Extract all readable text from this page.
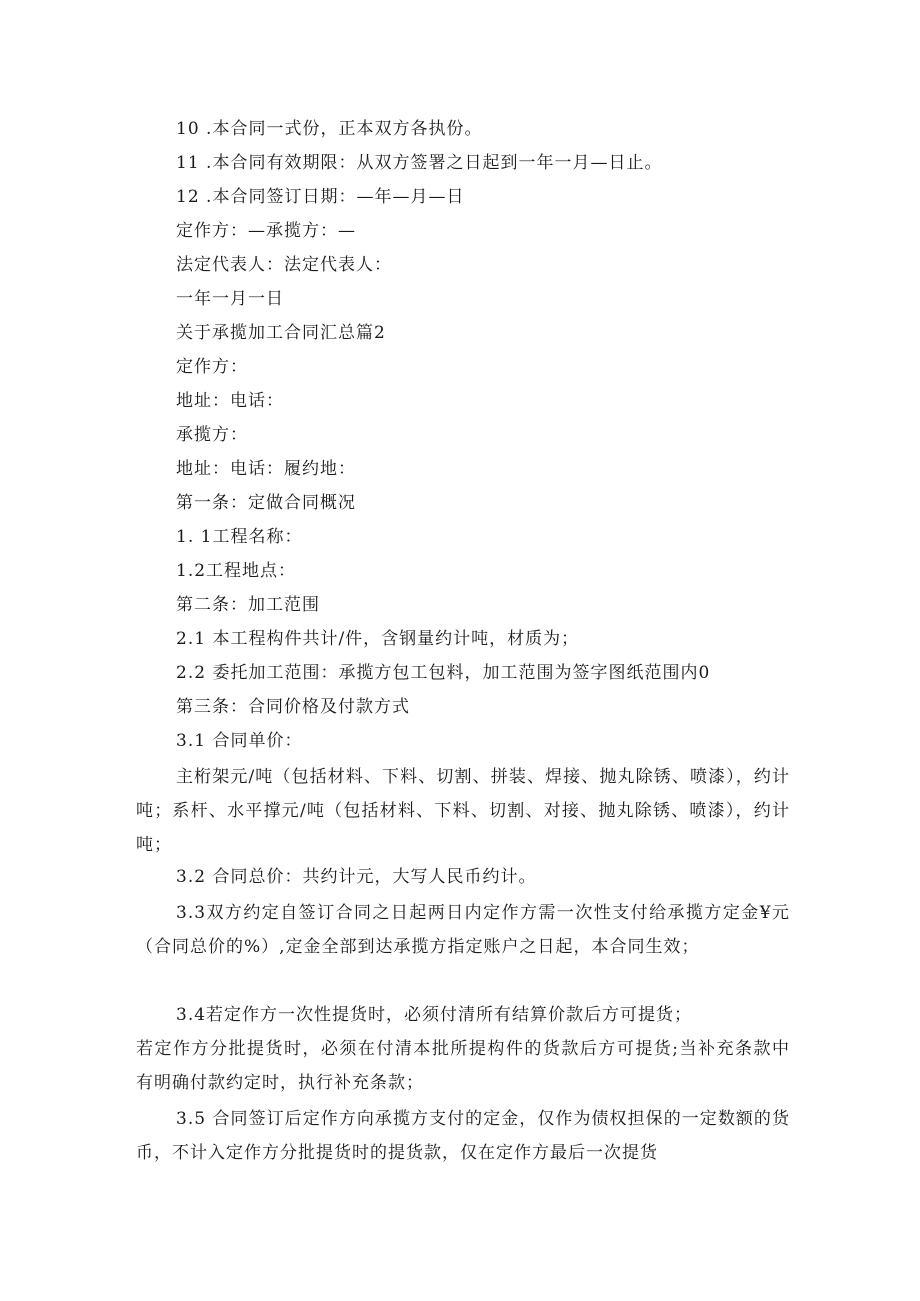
10 .本合同一式份，正本双方各执份。
11 .本合同有效期限：从双方签署之日起到一年一月—日止。
12 .本合同签订日期：—年—月—日
定作方：—承揽方：—
法定代表人：法定代表人：
一年一月一日
关于承揽加工合同汇总篇2
定作方：
地址：电话：
承揽方：
地址：电话：履约地：
第一条：定做合同概况
1. 1工程名称：
1.2工程地点：
第二条：加工范围
2.1 本工程构件共计/件，含钢量约计吨，材质为；
2.2 委托加工范围：承揽方包工包料，加工范围为签字图纸范围内0
第三条：合同价格及付款方式
3.1 合同单价：
主桁架元/吨（包括材料、下料、切割、拼装、焊接、抛丸除锈、喷漆），约计吨；系杆、水平撑元/吨（包括材料、下料、切割、对接、抛丸除锈、喷漆），约计吨；
3.2 合同总价：共约计元，大写人民币约计。
3.3双方约定自签订合同之日起两日内定作方需一次性支付给承揽方定金¥元（合同总价的%）,定金全部到达承揽方指定账户之日起，本合同生效；
3.4若定作方一次性提货时，必须付清所有结算价款后方可提货；
若定作方分批提货时，必须在付清本批所提构件的货款后方可提货;当补充条款中有明确付款约定时，执行补充条款；
3.5 合同签订后定作方向承揽方支付的定金，仅作为债权担保的一定数额的货币，不计入定作方分批提货时的提货款，仅在定作方最后一次提货
